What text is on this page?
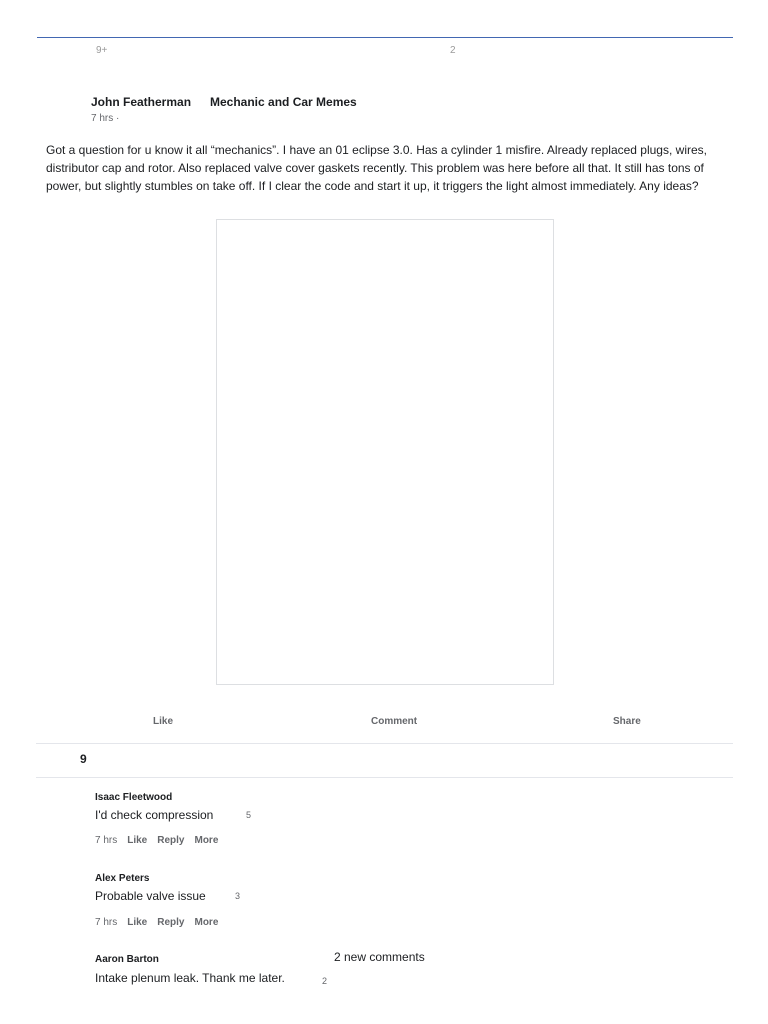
9+	2
John Featherman Mechanic and Car Memes
7 hrs ·
Got a question for u know it all “mechanics”. I have an 01 eclipse 3.0. Has a cylinder 1 misfire. Already replaced plugs, wires, distributor cap and rotor. Also replaced valve cover gaskets recently. This problem was here before all that. It still has tons of power, but slightly stumbles on take off. If I clear the code and start it up, it triggers the light almost immediately. Any ideas?
Like	Comment	Share
9
Isaac Fleetwood
I'd check compression	5
7 hrs Like Reply More
Alex Peters
Probable valve issue	3
7 hrs Like Reply More
Aaron Barton
Intake plenum leak. Thank me later.	2
2 new comments
